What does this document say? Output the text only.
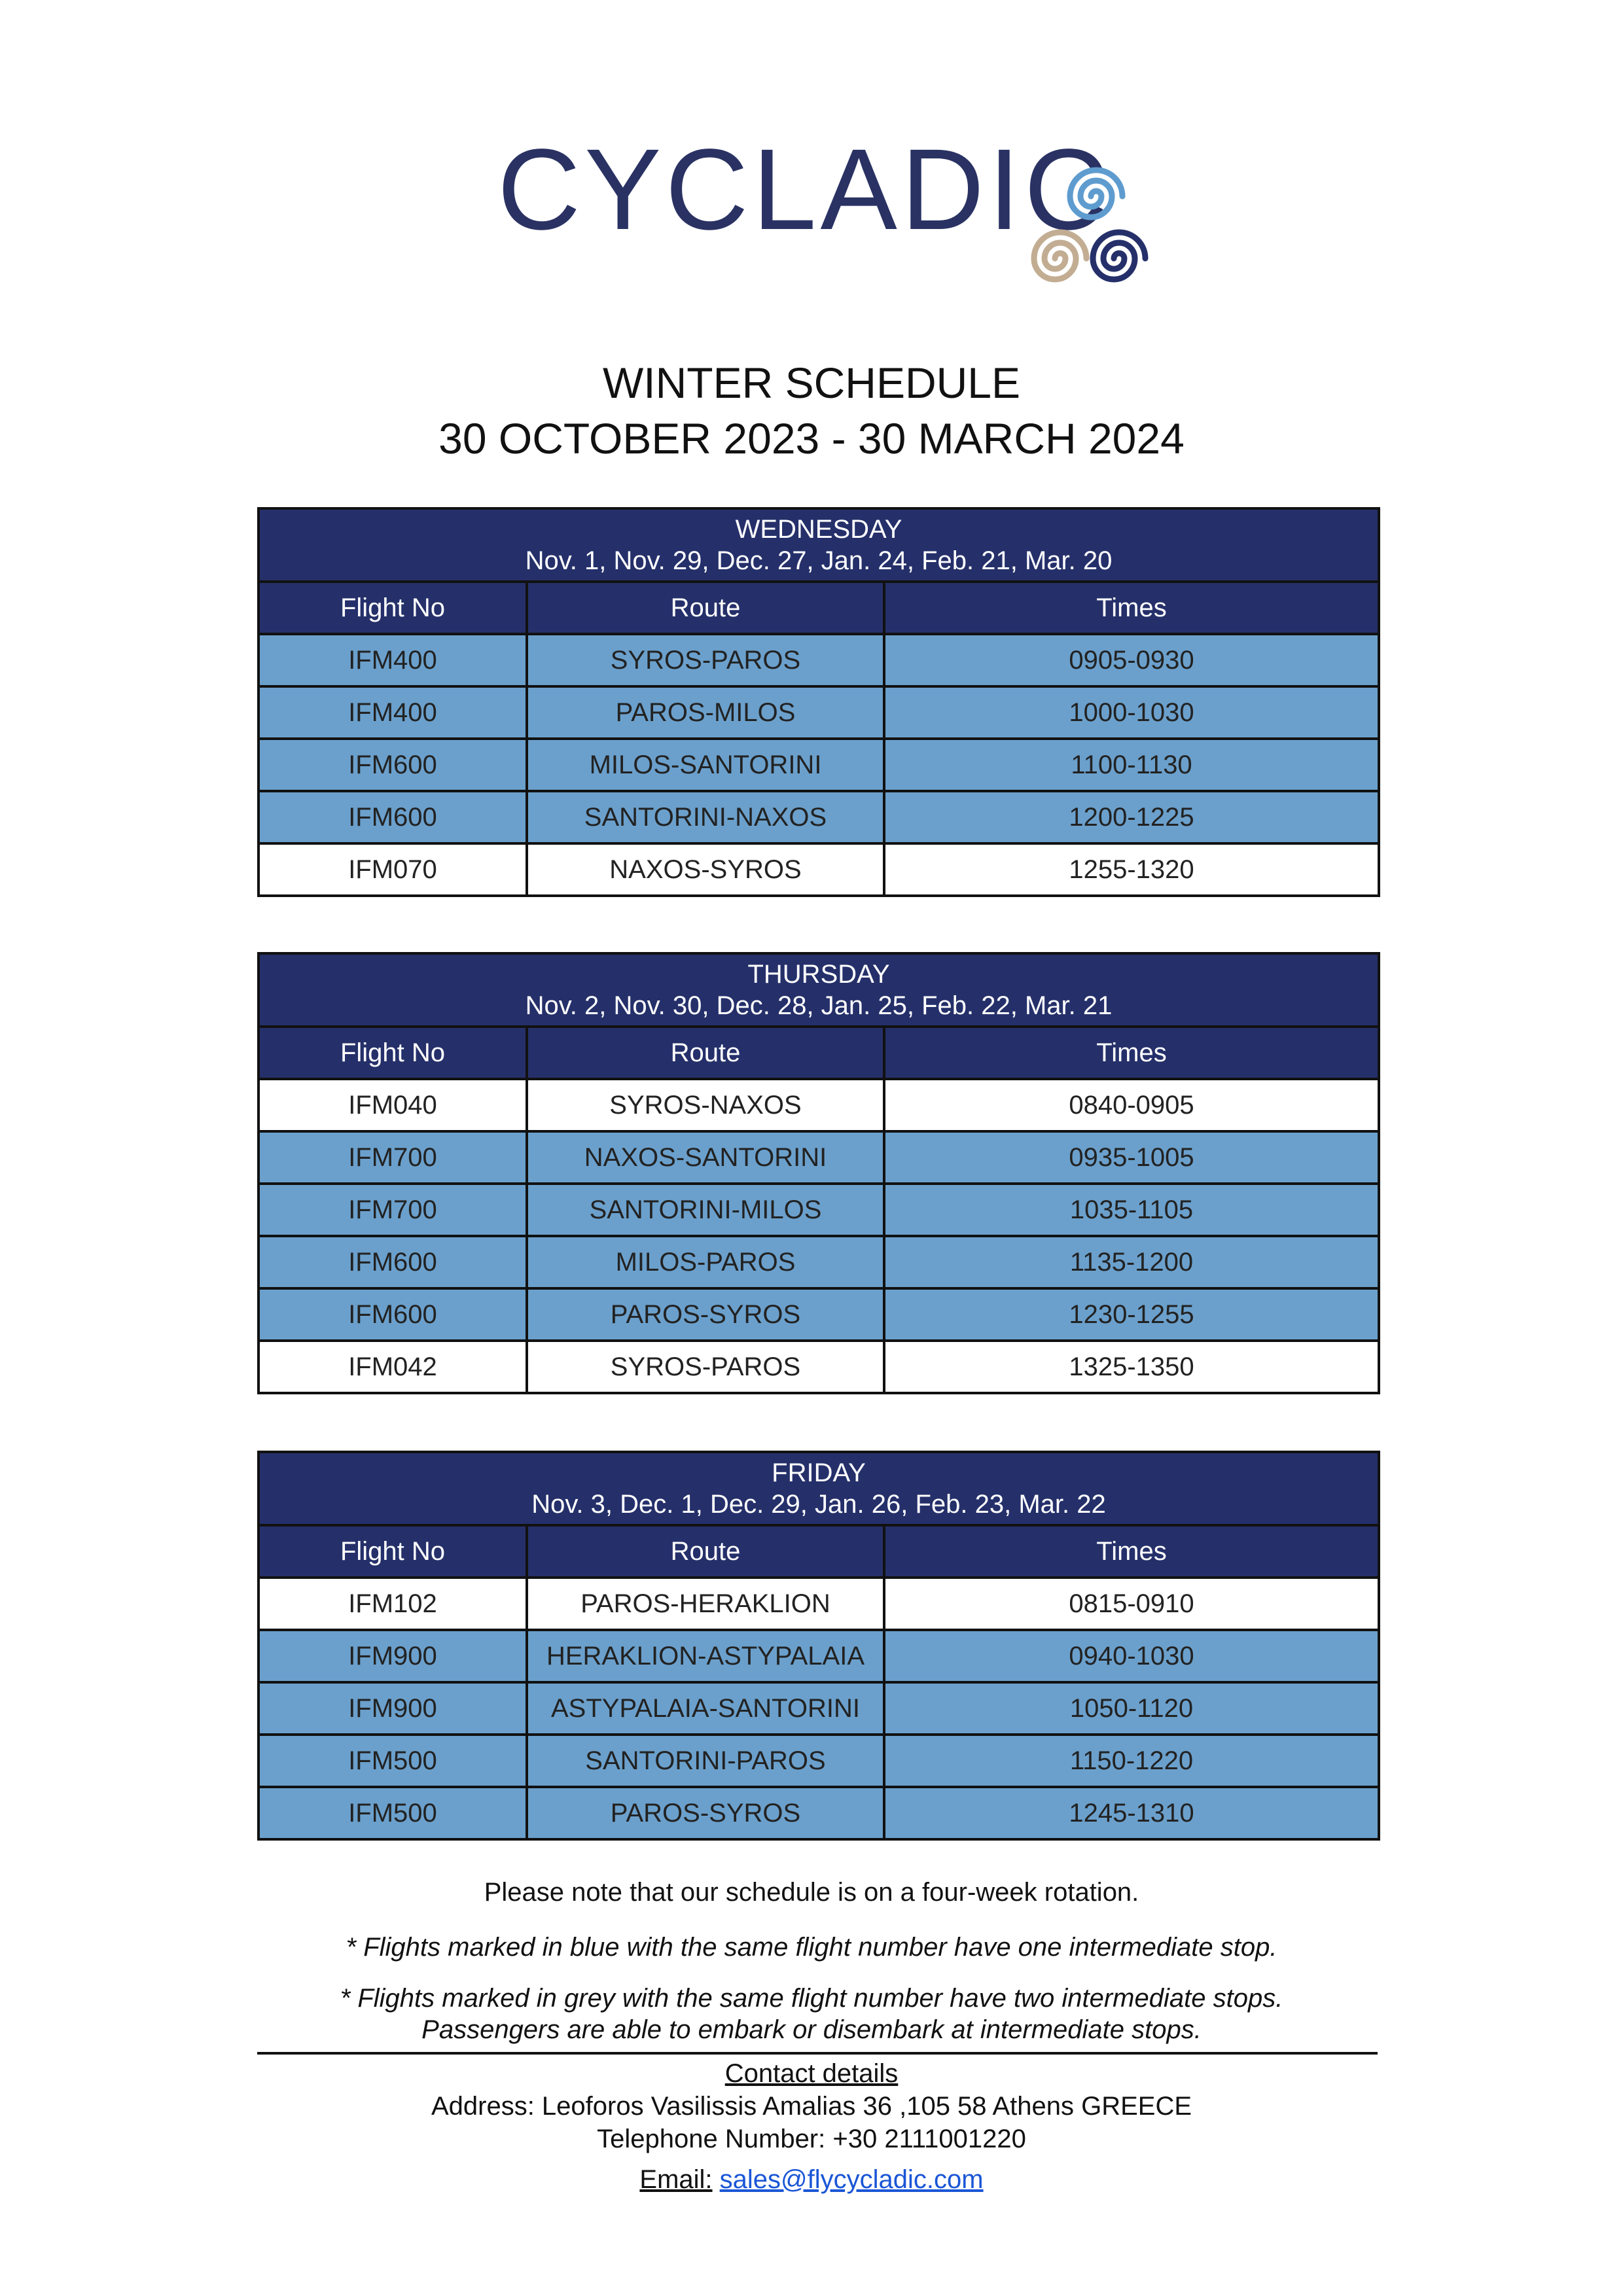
CYCLADIC
WINTER SCHEDULE
30 OCTOBER 2023 - 30 MARCH 2024
WEDNESDAY
Nov. 1, Nov. 29, Dec. 27, Jan. 24, Feb. 21, Mar. 20		

Flight No	Route	Times
IFM400	SYROS-PAROS	0905-0930
IFM400	PAROS-MILOS	1000-1030
IFM600	MILOS-SANTORINI	1100-1130
IFM600	SANTORINI-NAXOS	1200-1225
IFM070	NAXOS-SYROS	1255-1320
THURSDAY
Nov. 2, Nov. 30, Dec. 28, Jan. 25, Feb. 22, Mar. 21		

Flight No	Route	Times
IFM040	SYROS-NAXOS	0840-0905
IFM700	NAXOS-SANTORINI	0935-1005
IFM700	SANTORINI-MILOS	1035-1105
IFM600	MILOS-PAROS	1135-1200
IFM600	PAROS-SYROS	1230-1255
IFM042	SYROS-PAROS	1325-1350
FRIDAY
Nov. 3, Dec. 1, Dec. 29, Jan. 26, Feb. 23, Mar. 22		

Flight No	Route	Times
IFM102	PAROS-HERAKLION	0815-0910
IFM900	HERAKLION-ASTYPALAIA	0940-1030
IFM900	ASTYPALAIA-SANTORINI	1050-1120
IFM500	SANTORINI-PAROS	1150-1220
IFM500	PAROS-SYROS	1245-1310
Please note that our schedule is on a four-week rotation.
* Flights marked in blue with the same flight number have one intermediate stop.
* Flights marked in grey with the same flight number have two intermediate stops.
Passengers are able to embark or disembark at intermediate stops.
Contact details
Address: Leoforos Vasilissis Amalias 36 ,105 58 Athens GREECE
Telephone Number: +30 2111001220
Email: sales@flycycladic.com
